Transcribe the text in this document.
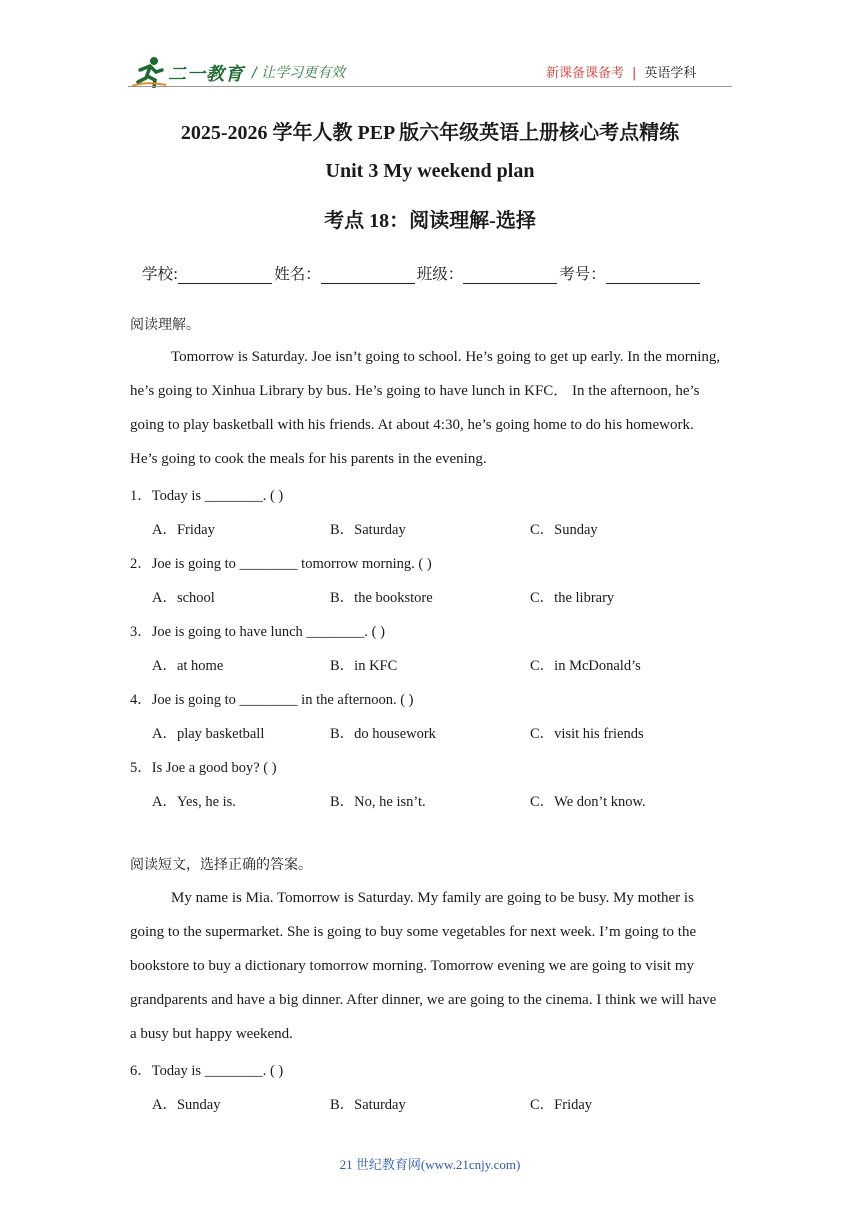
二一教育 / 让学习更有效	新课备课备考 | 英语学科
2025-2026 学年人教 PEP 版六年级英语上册核心考点精练
Unit 3 My weekend plan
考点 18：阅读理解-选择
学校:	姓名：	班级：	考号：
阅读理解。
Tomorrow is Saturday. Joe isn’t going to school. He’s going to get up early. In the morning,
he’s going to Xinhua Library by bus. He’s going to have lunch in KFC． In the afternoon, he’s
going to play basketball with his friends. At about 4:30, he’s going home to do his homework.
He’s going to cook the meals for his parents in the evening.
1．Today is ________. ( )
A．Friday	B．Saturday	C．Sunday
2．Joe is going to ________ tomorrow morning. ( )
A．school	B．the bookstore	C．the library
3．Joe is going to have lunch ________. ( )
A．at home	B．in KFC	C．in McDonald’s
4．Joe is going to ________ in the afternoon. ( )
A．play basketball	B．do housework	C．visit his friends
5．Is Joe a good boy? ( )
A．Yes, he is.	B．No, he isn’t.	C．We don’t know.
阅读短文，选择正确的答案。
My name is Mia. Tomorrow is Saturday. My family are going to be busy. My mother is
going to the supermarket. She is going to buy some vegetables for next week. I’m going to the
bookstore to buy a dictionary tomorrow morning. Tomorrow evening we are going to visit my
grandparents and have a big dinner. After dinner, we are going to the cinema. I think we will have
a busy but happy weekend.
6．Today is ________. ( )
A．Sunday	B．Saturday	C．Friday
21 世纪教育网(www.21cnjy.com)
